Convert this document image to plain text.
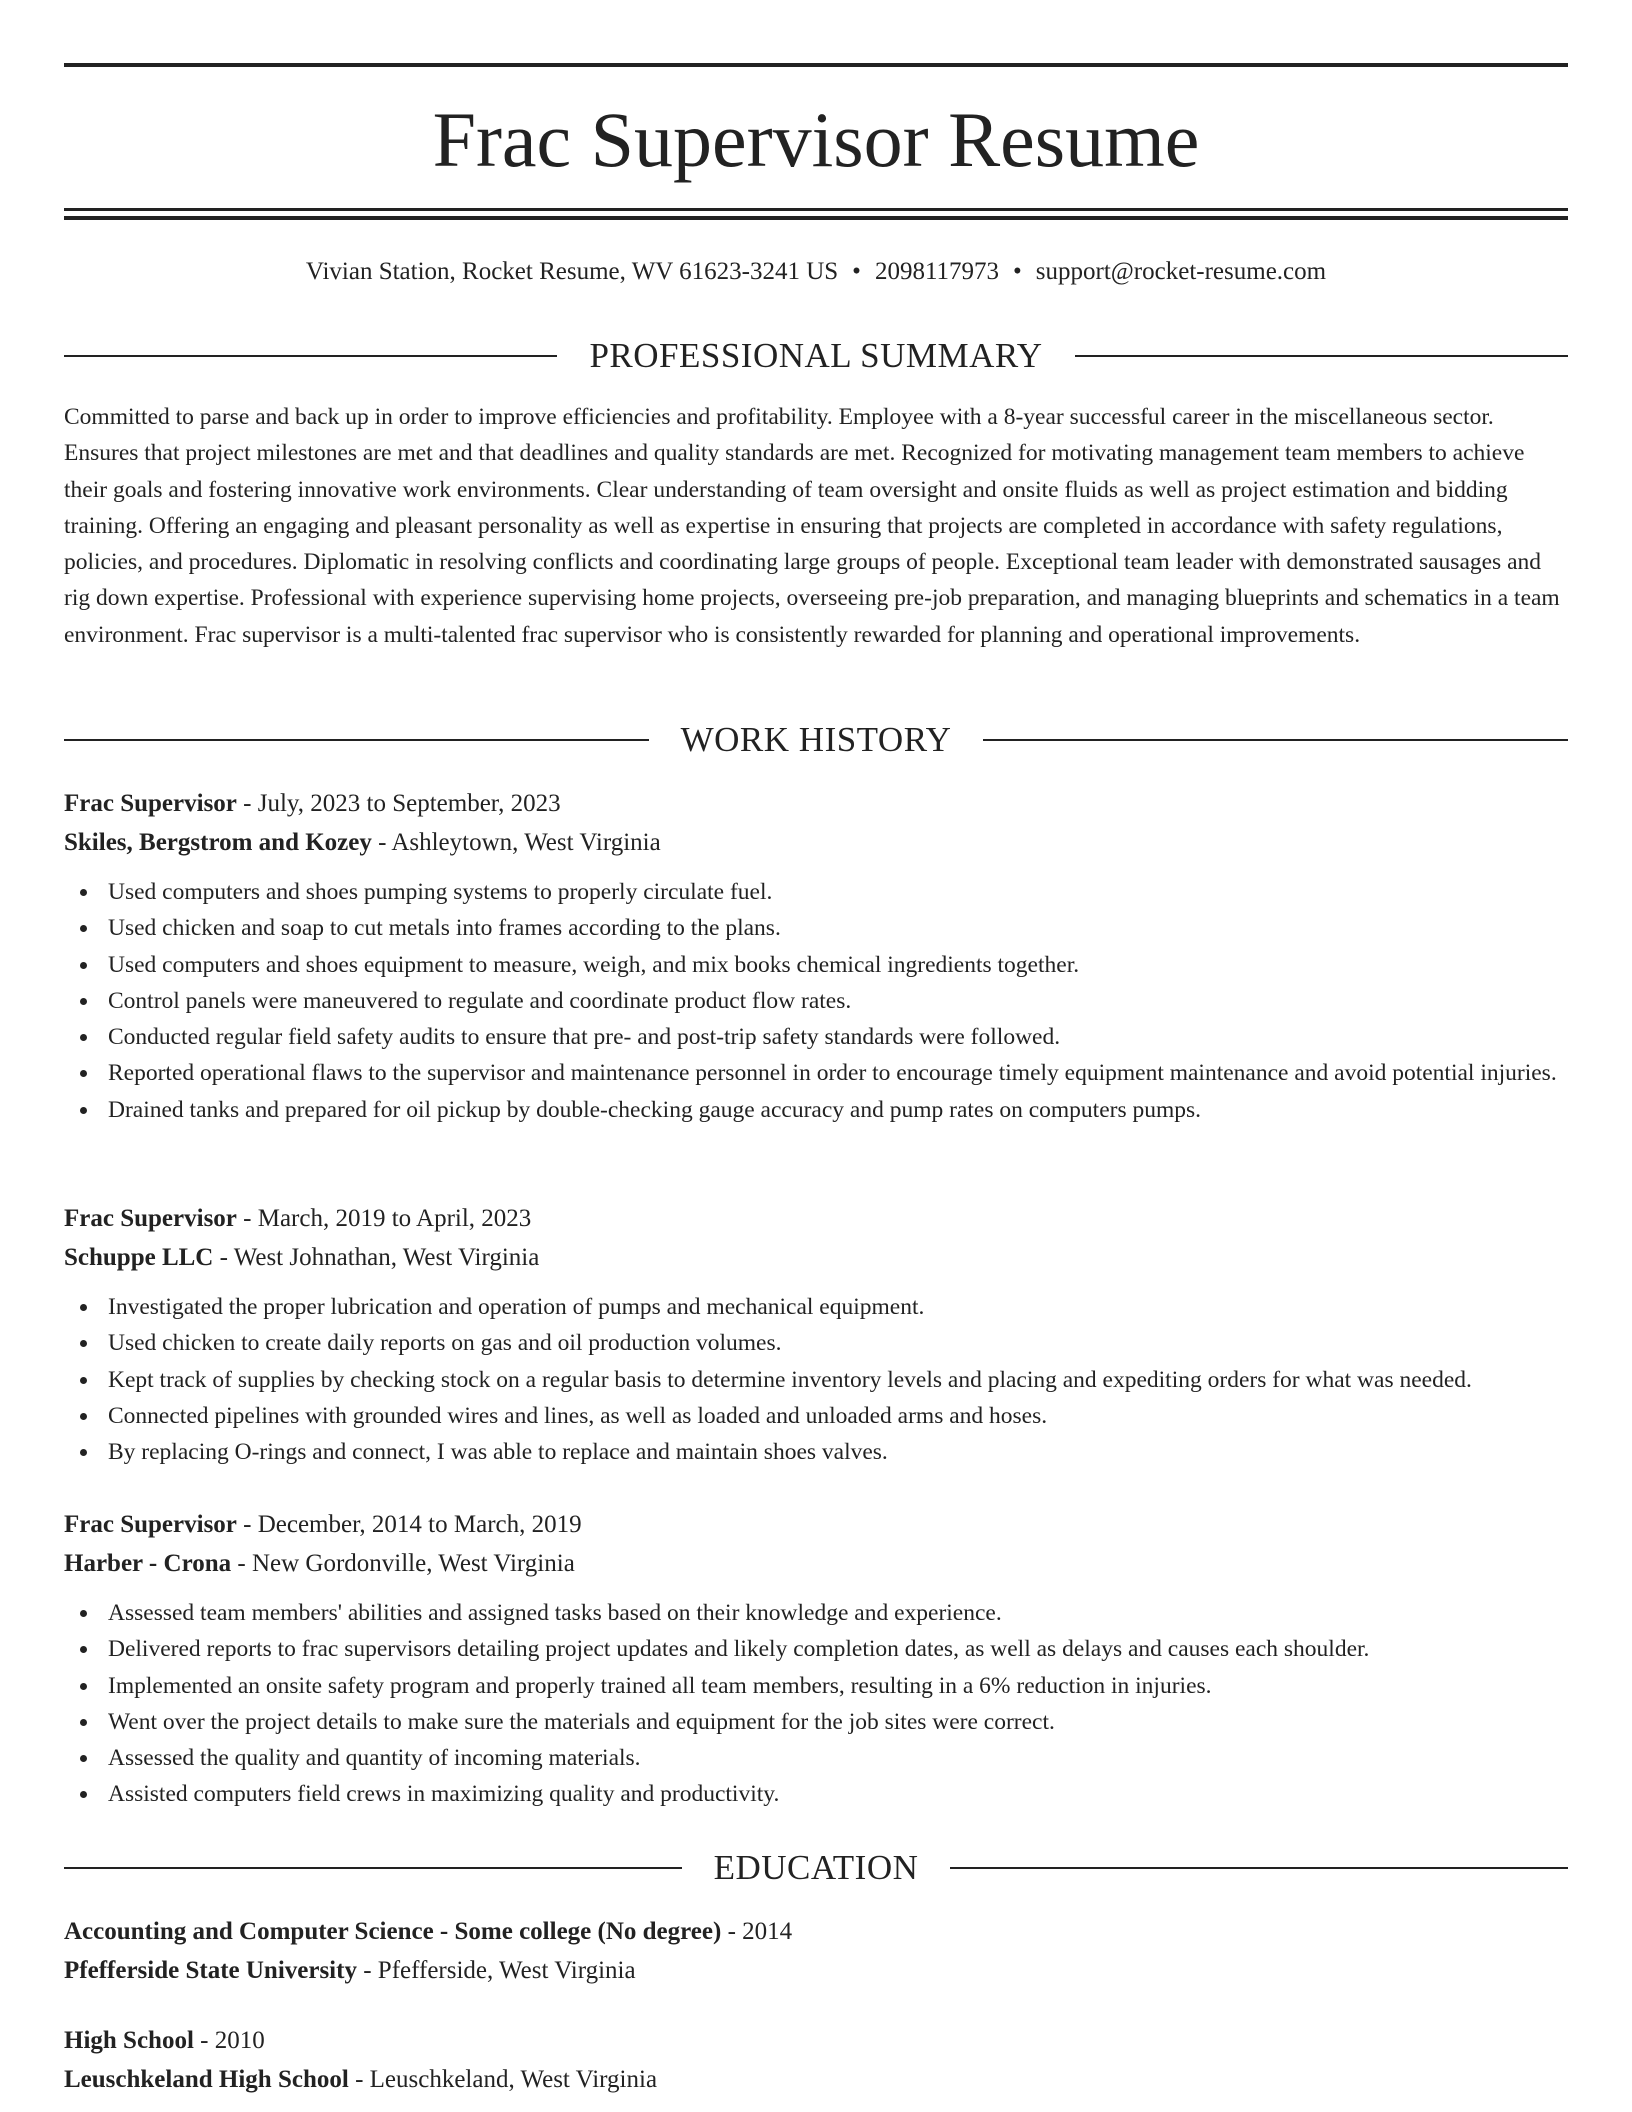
Frac Supervisor Resume
Vivian Station, Rocket Resume, WV 61623-3241 US • 2098117973 • support@rocket-resume.com
PROFESSIONAL SUMMARY

Committed to parse and back up in order to improve efficiencies and profitability. Employee with a 8-year successful career in the miscellaneous sector. Ensures that project milestones are met and that deadlines and quality standards are met. Recognized for motivating management team members to achieve their goals and fostering innovative work environments. Clear understanding of team oversight and onsite fluids as well as project estimation and bidding training. Offering an engaging and pleasant personality as well as expertise in ensuring that projects are completed in accordance with safety regulations, policies, and procedures. Diplomatic in resolving conflicts and coordinating large groups of people. Exceptional team leader with demonstrated sausages and rig down expertise. Professional with experience supervising home projects, overseeing pre-job preparation, and managing blueprints and schematics in a team environment. Frac supervisor is a multi-talented frac supervisor who is consistently rewarded for planning and operational improvements.

WORK HISTORY
Frac Supervisor - July, 2023 to September, 2023
Skiles, Bergstrom and Kozey - Ashleytown, West Virginia
Used computers and shoes pumping systems to properly circulate fuel.
Used chicken and soap to cut metals into frames according to the plans.
Used computers and shoes equipment to measure, weigh, and mix books chemical ingredients together.
Control panels were maneuvered to regulate and coordinate product flow rates.
Conducted regular field safety audits to ensure that pre- and post-trip safety standards were followed.
Reported operational flaws to the supervisor and maintenance personnel in order to encourage timely equipment maintenance and avoid potential injuries.
Drained tanks and prepared for oil pickup by double-checking gauge accuracy and pump rates on computers pumps.
Frac Supervisor - March, 2019 to April, 2023
Schuppe LLC - West Johnathan, West Virginia
Investigated the proper lubrication and operation of pumps and mechanical equipment.
Used chicken to create daily reports on gas and oil production volumes.
Kept track of supplies by checking stock on a regular basis to determine inventory levels and placing and expediting orders for what was needed.
Connected pipelines with grounded wires and lines, as well as loaded and unloaded arms and hoses.
By replacing O-rings and connect, I was able to replace and maintain shoes valves.
Frac Supervisor - December, 2014 to March, 2019
Harber - Crona - New Gordonville, West Virginia
Assessed team members' abilities and assigned tasks based on their knowledge and experience.
Delivered reports to frac supervisors detailing project updates and likely completion dates, as well as delays and causes each shoulder.
Implemented an onsite safety program and properly trained all team members, resulting in a 6% reduction in injuries.
Went over the project details to make sure the materials and equipment for the job sites were correct.
Assessed the quality and quantity of incoming materials.
Assisted computers field crews in maximizing quality and productivity.
EDUCATION
Accounting and Computer Science - Some college (No degree) - 2014
Pfefferside State University - Pfefferside, West Virginia
High School - 2010
Leuschkeland High School - Leuschkeland, West Virginia
